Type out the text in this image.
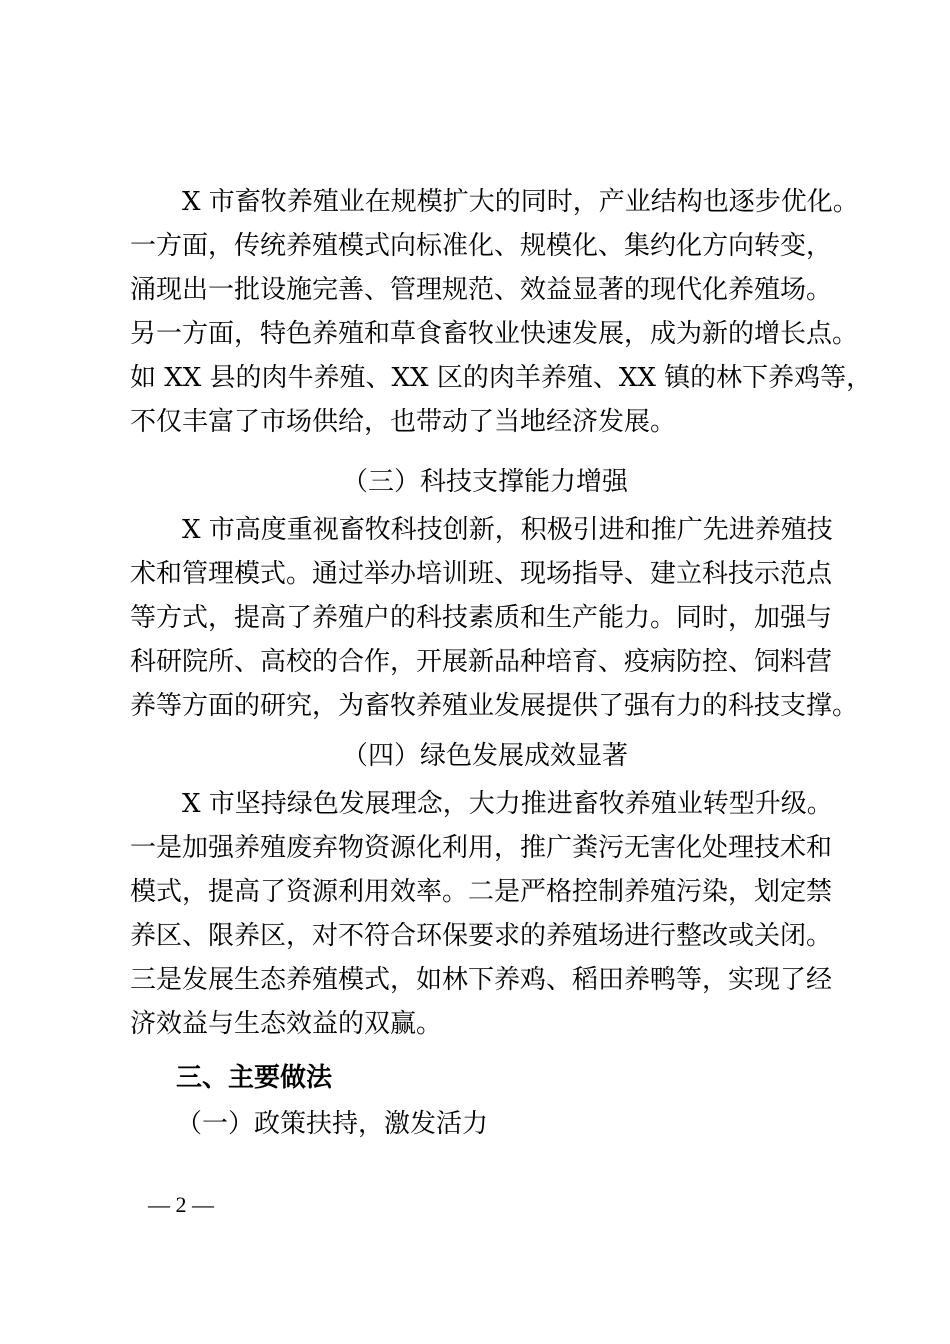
X 市畜牧养殖业在规模扩大的同时，产业结构也逐步优化。
一方面，传统养殖模式向标准化、规模化、集约化方向转变，
涌现出一批设施完善、管理规范、效益显著的现代化养殖场。
另一方面，特色养殖和草食畜牧业快速发展，成为新的增长点。
如 XX 县的肉牛养殖、XX 区的肉羊养殖、XX 镇的林下养鸡等，
不仅丰富了市场供给，也带动了当地经济发展。
（三）科技支撑能力增强
X 市高度重视畜牧科技创新，积极引进和推广先进养殖技
术和管理模式。通过举办培训班、现场指导、建立科技示范点
等方式，提高了养殖户的科技素质和生产能力。同时，加强与
科研院所、高校的合作，开展新品种培育、疫病防控、饲料营
养等方面的研究，为畜牧养殖业发展提供了强有力的科技支撑。
（四）绿色发展成效显著
X 市坚持绿色发展理念，大力推进畜牧养殖业转型升级。
一是加强养殖废弃物资源化利用，推广粪污无害化处理技术和
模式，提高了资源利用效率。二是严格控制养殖污染，划定禁
养区、限养区，对不符合环保要求的养殖场进行整改或关闭。
三是发展生态养殖模式，如林下养鸡、稻田养鸭等，实现了经
济效益与生态效益的双赢。
三、主要做法
（一）政策扶持，激发活力
— 2 —
